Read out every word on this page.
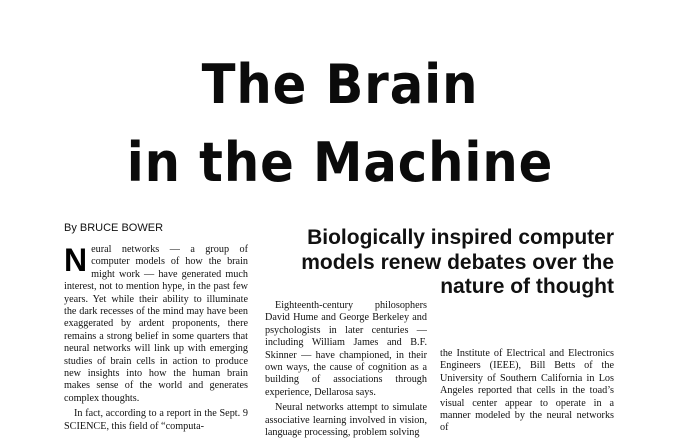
The Brain
in the Machine
By BRUCE BOWER	Biologically inspired computer models renew debates over the nature of thought

Neural networks — a group of computer models of how the brain might work — have generated much interest, not to mention hype, in the past few years. Yet while their ability to illuminate the dark recesses of the mind may have been exaggerated by ardent proponents, there remains a strong belief in some quarters that neural networks will link up with emerging studies of brain cells in action to produce new insights into how the human brain makes sense of the world and generates complex thoughts.

In fact, according to a report in the Sept. 9 SCIENCE, this field of “computa-

Eighteenth-century philosophers David Hume and George Berkeley and psychologists in later centuries — including William James and B.F. Skinner — have championed, in their own ways, the cause of cognition as a building of associations through experience, Dellarosa says.

Neural networks attempt to simulate associative learning involved in vision, language processing, problem solving

the Institute of Electrical and Electronics Engineers (IEEE), Bill Betts of the University of Southern California in Los Angeles reported that cells in the toad’s visual center appear to operate in a manner modeled by the neural networks of
